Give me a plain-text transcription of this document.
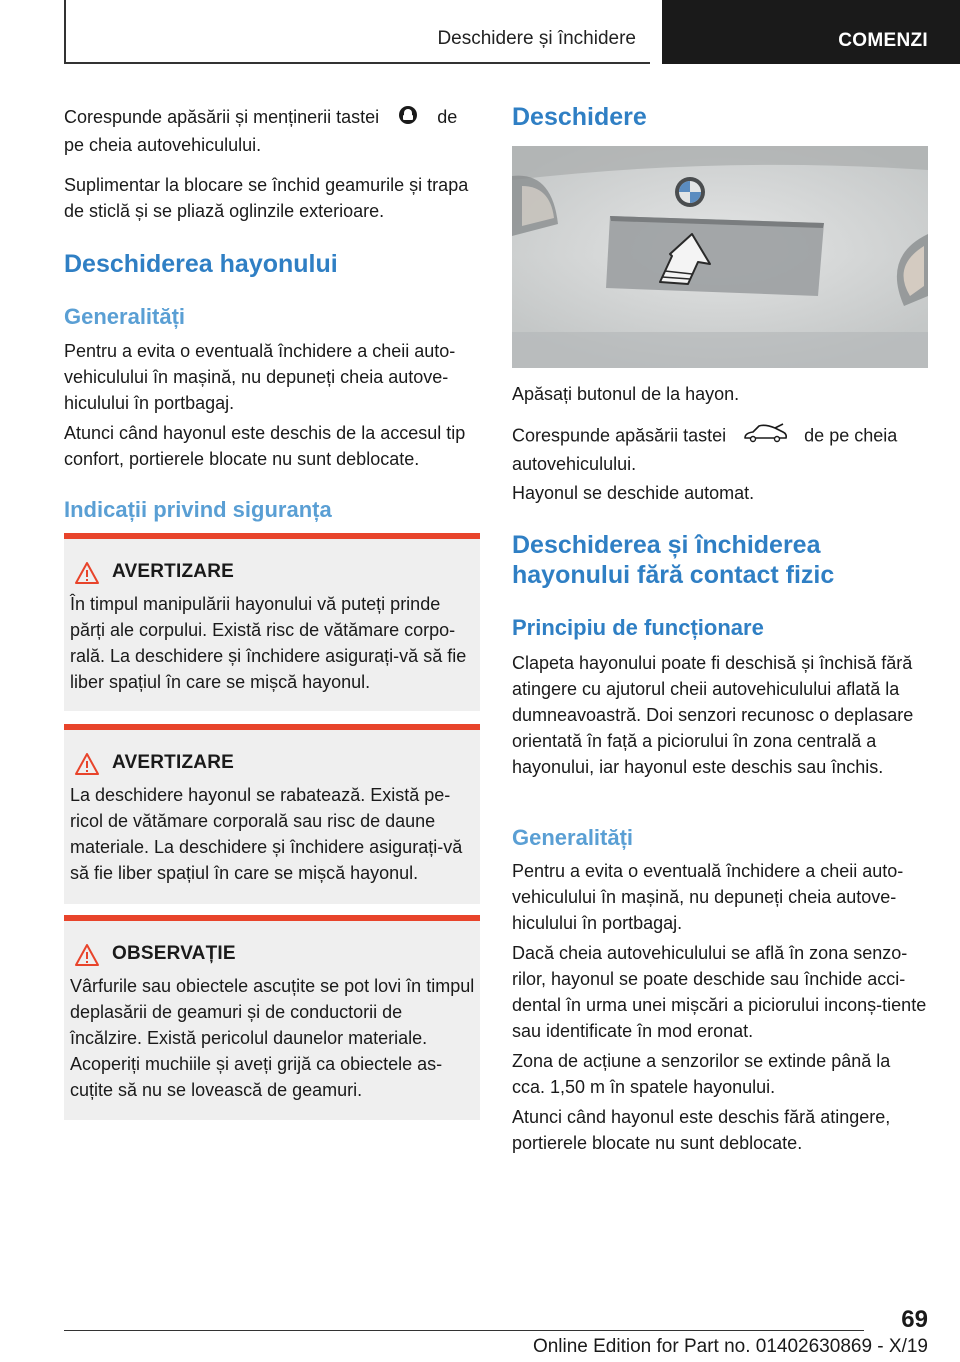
Deschidere și închidere	COMENZI
Corespunde apăsării și menținerii tastei	de
pe cheia autovehiculului.
Suplimentar la blocare se închid geamurile și trapa de sticlă și se pliază oglinzile exterioare.
Deschiderea hayonului
Generalități
Pentru a evita o eventuală închidere a cheii auto-vehiculului în mașină, nu depuneți cheia autove-hiculului în portbagaj.
Atunci când hayonul este deschis de la accesul tip confort, portierele blocate nu sunt deblocate.
Indicații privind siguranța
AVERTIZARE
În timpul manipulării hayonului vă puteți prinde părți ale corpului. Există risc de vătămare corpo-rală. La deschidere și închidere asigurați-vă să fie liber spațiul în care se mișcă hayonul.
AVERTIZARE
La deschidere hayonul se rabatează. Există pe-ricol de vătămare corporală sau risc de daune materiale. La deschidere și închidere asigurați-vă să fie liber spațiul în care se mișcă hayonul.
OBSERVAȚIE
Vârfurile sau obiectele ascuțite se pot lovi în timpul deplasării de geamuri și de conductorii de încălzire. Există pericolul daunelor materiale. Acoperiți muchiile și aveți grijă ca obiectele as-cuțite să nu se lovească de geamuri.
Deschidere
Apăsați butonul de la hayon.
Corespunde apăsării tastei	de pe cheia
autovehiculului.
Hayonul se deschide automat.
Deschiderea și închiderea hayonului fără contact fizic
Principiu de funcționare
Clapeta hayonului poate fi deschisă și închisă fără atingere cu ajutorul cheii autovehiculului aflată la dumneavoastră. Doi senzori recunosc o deplasare orientată în față a piciorului în zona centrală a hayonului, iar hayonul este deschis sau închis.
Generalități
Pentru a evita o eventuală închidere a cheii auto-vehiculului în mașină, nu depuneți cheia autove-hiculului în portbagaj.
Dacă cheia autovehiculului se află în zona senzo-rilor, hayonul se poate deschide sau închide acci-dental în urma unei mișcări a piciorului inconș-tiente sau identificate în mod eronat.
Zona de acțiune a senzorilor se extinde până la cca. 1,50 m în spatele hayonului.
Atunci când hayonul este deschis fără atingere, portierele blocate nu sunt deblocate.
69
Online Edition for Part no. 01402630869 - X/19
